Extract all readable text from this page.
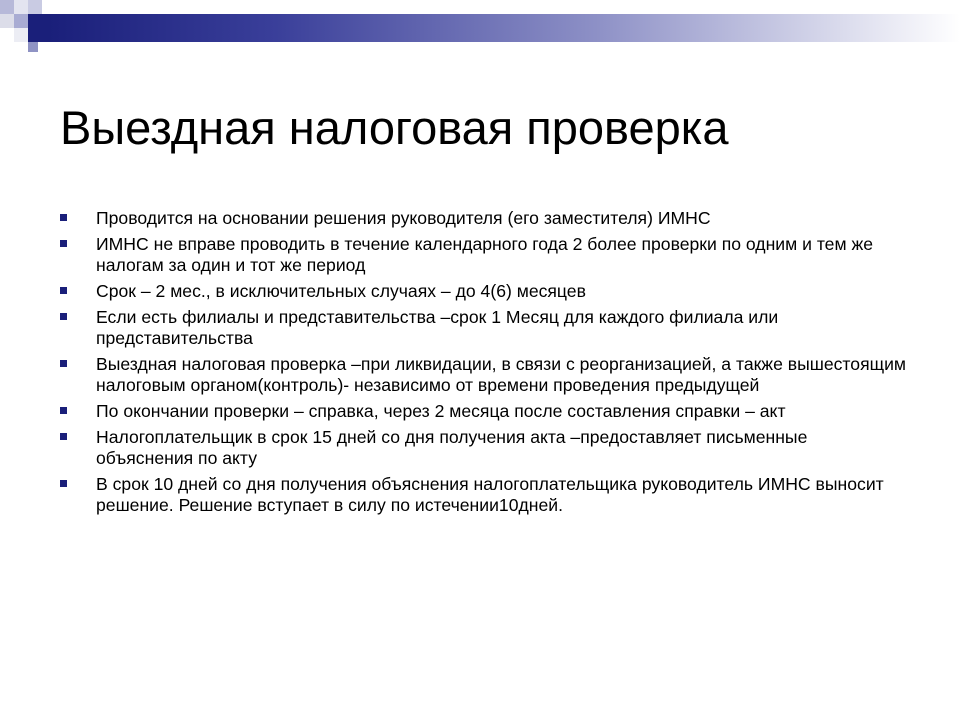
Выездная налоговая проверка
Проводится на основании решения руководителя (его заместителя) ИМНС
ИМНС не вправе проводить в течение календарного года 2 более проверки по одним и тем же налогам за один и тот же период
Срок – 2 мес., в исключительных случаях – до 4(6) месяцев
Если есть филиалы и представительства –срок 1 Месяц для каждого филиала или представительства
Выездная налоговая проверка –при ликвидации, в связи с реорганизацией, а также вышестоящим налоговым органом(контроль)- независимо от времени проведения предыдущей
По окончании проверки – справка, через 2 месяца после составления справки – акт
Налогоплательщик в срок 15 дней со дня получения акта –предоставляет письменные объяснения по акту
В срок 10 дней со дня получения объяснения налогоплательщика руководитель ИМНС выносит решение. Решение вступает в силу по истечении10дней.
